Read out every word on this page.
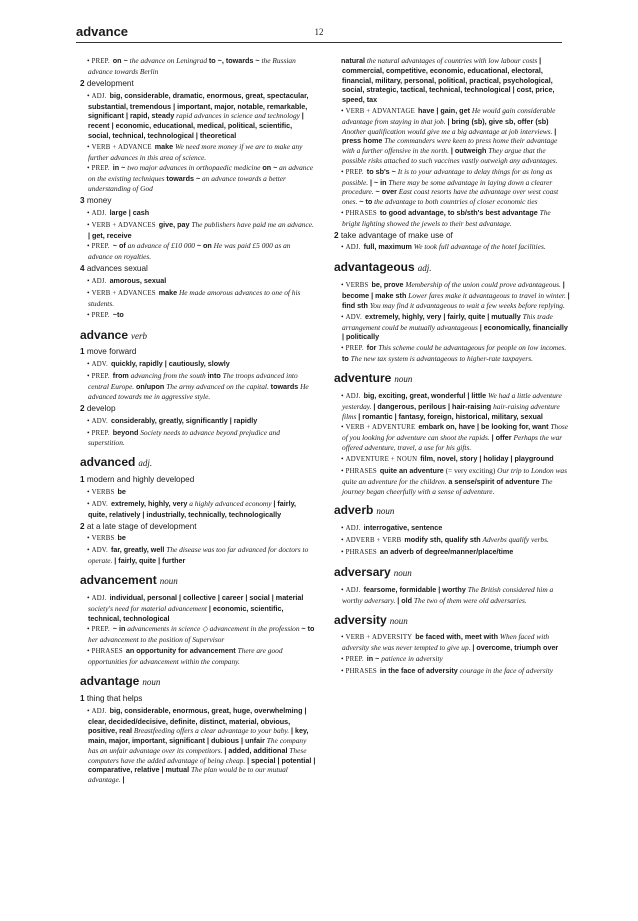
advance	12
• PREP. on ~ the advance on Leningrad to ~, towards ~ the Russian advance towards Berlin
2 development
• ADJ. big, considerable, dramatic, enormous, great, spectacular, substantial, tremendous | important, major, notable, remarkable, significant | rapid, steady rapid advances in science and technology | recent | economic, educational, medical, political, scientific, social, technical, technological | theoretical
• VERB + ADVANCE make We need more money if we are to make any further advances in this area of science.
• PREP. in ~ two major advances in orthopaedic medicine on ~ an advance on the existing techniques towards ~ an advance towards a better understanding of God
3 money
• ADJ. large | cash
• VERB + ADVANCES give, pay The publishers have paid me an advance. | get, receive
• PREP. ~ of an advance of £10 000 ~ on He was paid £5 000 as an advance on royalties.
4 advances sexual
• ADJ. amorous, sexual
• VERB + ADVANCES make He made amorous advances to one of his students.
• PREP. ~to
advance verb
1 move forward
• ADV. quickly, rapidly | cautiously, slowly
• PREP. from advancing from the south into The troops advanced into central Europe. on/upon The army advanced on the capital. towards He advanced towards me in aggressive style.
2 develop
• ADV. considerably, greatly, significantly | rapidly
• PREP. beyond Society needs to advance beyond prejudice and superstition.
advanced adj.
1 modern and highly developed
• VERBS be
• ADV. extremely, highly, very a highly advanced economy | fairly, quite, relatively | industrially, technically, technologically
2 at a late stage of development
• VERBS be
• ADV. far, greatly, well The disease was too far advanced for doctors to operate. | fairly, quite | further
advancement noun
• ADJ. individual, personal | collective | career | social | material society's need for material advancement | economic, scientific, technical, technological
• PREP. ~ in advancements in science ◇ advancement in the profession ~ to her advancement to the position of Supervisor
• PHRASES an opportunity for advancement There are good opportunities for advancement within the company.
advantage noun
1 thing that helps
• ADJ. big, considerable, enormous, great, huge, overwhelming | clear, decided/decisive, definite, distinct, material, obvious, positive, real Breastfeeding offers a clear advantage to your baby. | key, main, major, important, significant | dubious | unfair The company has an unfair advantage over its competitors. | added, additional These computers have the added advantage of being cheap. | special | potential | comparative, relative | mutual The plan would be to our mutual advantage. |
natural the natural advantages of countries with low labour costs | commercial, competitive, economic, educational, electoral, financial, military, personal, political, practical, psychological, social, strategic, tactical, technical, technological | cost, price, speed, tax
• VERB + ADVANTAGE have | gain, get He would gain considerable advantage from staying in that job. | bring (sb), give sb, offer (sb) Another qualification would give me a big advantage at job interviews. | press home The commanders were keen to press home their advantage with a further offensive in the north. | outweigh They argue that the possible risks attached to such vaccines vastly outweigh any advantages.
• PREP. to sb's ~ It is to your advantage to delay things for as long as possible. | ~ in There may be some advantage in laying down a clearer procedure. ~ over East coast resorts have the advantage over west coast ones. ~ to the advantage to both countries of closer economic ties
• PHRASES to good advantage, to sb/sth's best advantage The bright lighting showed the jewels to their best advantage.
2 take advantage of make use of
• ADJ. full, maximum We took full advantage of the hotel facilities.
advantageous adj.
• VERBS be, prove Membership of the union could prove advantageous. | become | make sth Lower fares make it advantageous to travel in winter. | find sth You may find it advantageous to wait a few weeks before replying.
• ADV. extremely, highly, very | fairly, quite | mutually This trade arrangement could be mutually advantageous | economically, financially | politically
• PREP. for This scheme could be advantageous for people on low incomes. to The new tax system is advantageous to higher-rate taxpayers.
adventure noun
• ADJ. big, exciting, great, wonderful | little We had a little adventure yesterday. | dangerous, perilous | hair-raising hair-raising adventure films | romantic | fantasy, foreign, historical, military, sexual
• VERB + ADVENTURE embark on, have | be looking for, want Those of you looking for adventure can shoot the rapids. | offer Perhaps the war offered adventure, travel, a use for his gifts.
• ADVENTURE + NOUN film, novel, story | holiday | playground
• PHRASES quite an adventure (= very exciting) Our trip to London was quite an adventure for the children. a sense/spirit of adventure The journey began cheerfully with a sense of adventure.
adverb noun
• ADJ. interrogative, sentence
• ADVERB + VERB modify sth, qualify sth Adverbs qualify verbs.
• PHRASES an adverb of degree/manner/place/time
adversary noun
• ADJ. fearsome, formidable | worthy The British considered him a worthy adversary. | old The two of them were old adversaries.
adversity noun
• VERB + ADVERSITY be faced with, meet with When faced with adversity she was never tempted to give up. | overcome, triumph over
• PREP. in ~ patience in adversity
• PHRASES in the face of adversity courage in the face of adversity
